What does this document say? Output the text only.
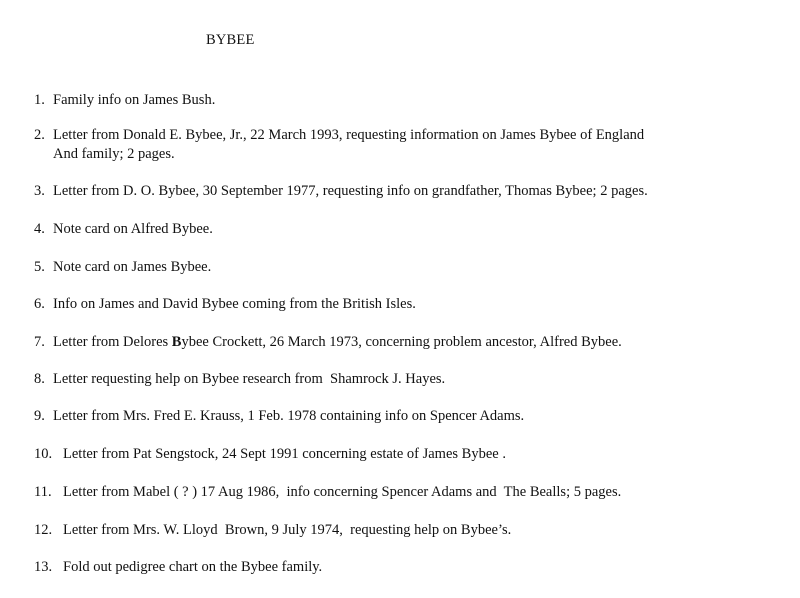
BYBEE
1. Family info on James Bush.
2. Letter from Donald E. Bybee, Jr., 22 March 1993, requesting information on James Bybee of England
And family; 2 pages.
3. Letter from D. O. Bybee, 30 September 1977, requesting info on grandfather, Thomas Bybee; 2 pages.
4. Note card on Alfred Bybee.
5. Note card on James Bybee.
6. Info on James and David Bybee coming from the British Isles.
7. Letter from Delores Bybee Crockett, 26 March 1973, concerning problem ancestor, Alfred Bybee.
8. Letter requesting help on Bybee research from  Shamrock J. Hayes.
9. Letter from Mrs. Fred E. Krauss, 1 Feb. 1978 containing info on Spencer Adams.
10. Letter from Pat Sengstock, 24 Sept 1991 concerning estate of James Bybee .
11. Letter from Mabel ( ? ) 17 Aug 1986,  info concerning Spencer Adams and  The Bealls; 5 pages.
12. Letter from Mrs. W. Lloyd  Brown, 9 July 1974,  requesting help on Bybee’s.
13. Fold out pedigree chart on the Bybee family.
